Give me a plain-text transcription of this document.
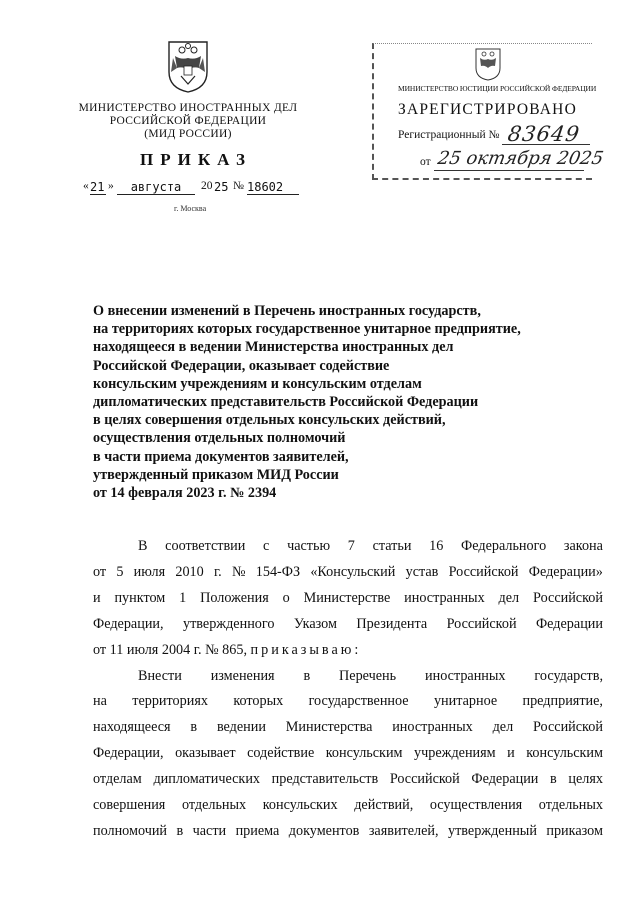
МИНИСТЕРСТВО ИНОСТРАННЫХ ДЕЛ
РОССИЙСКОЙ ФЕДЕРАЦИИ
(МИД РОССИИ)
ПРИКАЗ
« 21 »	августа	20 25 № 18602
г. Москва
МИНИСТЕРСТВО ЮСТИЦИИ РОССИЙСКОЙ ФЕДЕРАЦИИ
ЗАРЕГИСТРИРОВАНО
Регистрационный № 83649
от 25 октября 2025
О внесении изменений в Перечень иностранных государств,
на территориях которых государственное унитарное предприятие,
находящееся в ведении Министерства иностранных дел
Российской Федерации, оказывает содействие
консульским учреждениям и консульским отделам
дипломатических представительств Российской Федерации
в целях совершения отдельных консульских действий,
осуществления отдельных полномочий
в части приема документов заявителей,
утвержденный приказом МИД России
от 14 февраля 2023 г. № 2394
В соответствии с частью 7 статьи 16 Федерального закона
от 5 июля 2010 г. № 154-ФЗ «Консульский устав Российской Федерации»
и пунктом 1 Положения о Министерстве иностранных дел Российской
Федерации, утвержденного Указом Президента Российской Федерации
от 11 июля 2004 г. № 865, приказываю:
Внести изменения в Перечень иностранных государств,
на территориях которых государственное унитарное предприятие,
находящееся в ведении Министерства иностранных дел Российской
Федерации, оказывает содействие консульским учреждениям и консульским
отделам дипломатических представительств Российской Федерации в целях
совершения отдельных консульских действий, осуществления отдельных
полномочий в части приема документов заявителей, утвержденный приказом
